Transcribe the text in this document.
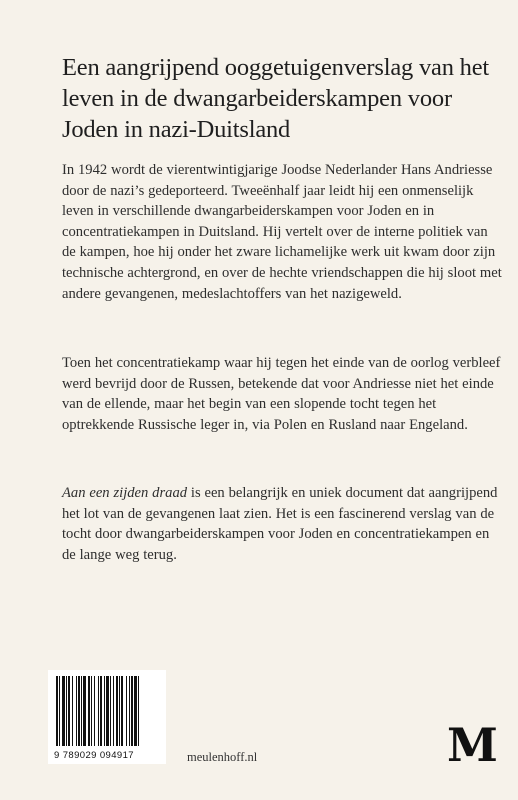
Een aangrijpend ooggetuigenverslag van het leven in de dwangarbeiderskampen voor Joden in nazi-Duitsland
In 1942 wordt de vierentwintigjarige Joodse Nederlander Hans Andriesse door de nazi’s gedeporteerd. Tweeënhalf jaar leidt hij een onmenselijk leven in verschillende dwangarbeiderskampen voor Joden en in concentratiekampen in Duitsland. Hij vertelt over de interne politiek van de kampen, hoe hij onder het zware lichamelijke werk uit kwam door zijn technische achtergrond, en over de hechte vriendschappen die hij sloot met andere gevangenen, medeslachtoffers van het nazigeweld.
Toen het concentratiekamp waar hij tegen het einde van de oorlog verbleef werd bevrijd door de Russen, betekende dat voor Andriesse niet het einde van de ellende, maar het begin van een slopende tocht tegen het optrekkende Russische leger in, via Polen en Rusland naar Engeland.
Aan een zijden draad is een belangrijk en uniek document dat aangrijpend het lot van de gevangenen laat zien. Het is een fascinerend verslag van de tocht door dwangarbeiderskampen voor Joden en concentratiekampen en de lange weg terug.
9 789029 094917	meulenhoff.nl	M
